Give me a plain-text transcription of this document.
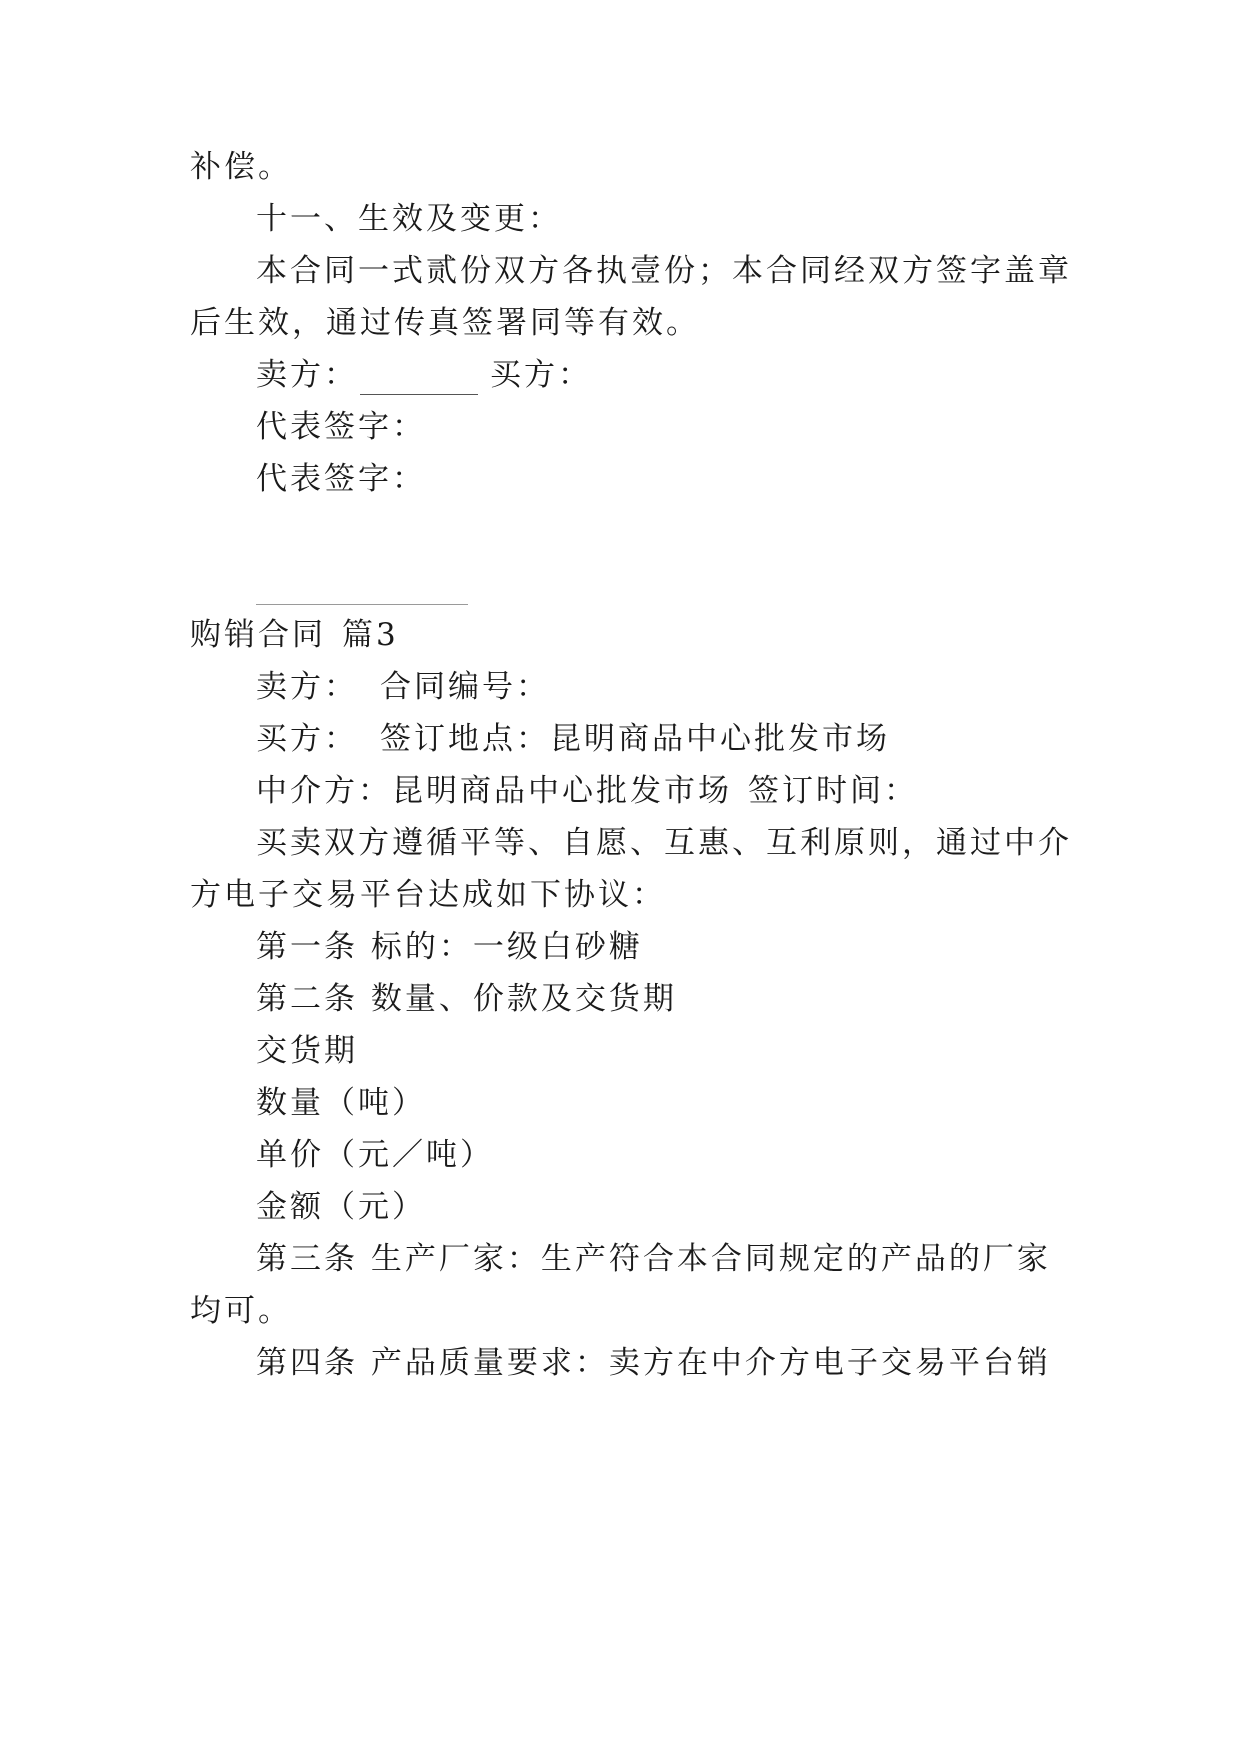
补偿。
十一、生效及变更：
本合同一式贰份双方各执壹份；本合同经双方签字盖章
后生效，通过传真签署同等有效。
卖方：	买方：
代表签字：
代表签字：
购销合同 篇3
卖方： 合同编号：
买方： 签订地点：昆明商品中心批发市场
中介方：昆明商品中心批发市场 签订时间：
买卖双方遵循平等、自愿、互惠、互利原则，通过中介
方电子交易平台达成如下协议：
第一条 标的：一级白砂糖
第二条 数量、价款及交货期
交货期
数量（吨）
单价（元／吨）
金额（元）
第三条 生产厂家：生产符合本合同规定的产品的厂家
均可。
第四条 产品质量要求：卖方在中介方电子交易平台销
